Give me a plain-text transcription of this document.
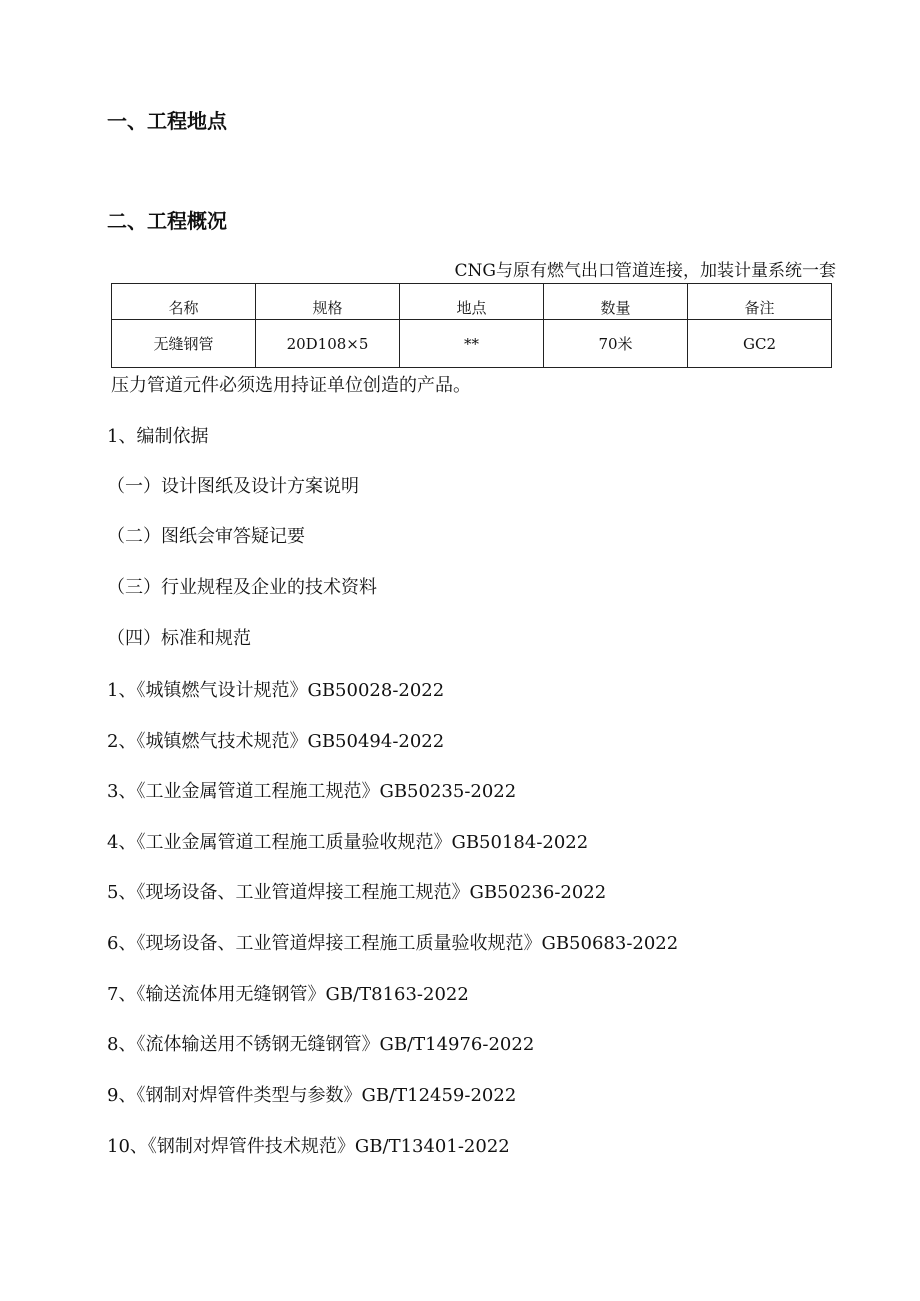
一、工程地点
二、工程概况
CNG与原有燃气出口管道连接，加装计量系统一套
名称	规格	地点	数量	备注
无缝钢管	20D108×5	**	70米	GC2
压力管道元件必须选用持证单位创造的产品。
1、编制依据
（一）设计图纸及设计方案说明
（二）图纸会审答疑记要
（三）行业规程及企业的技术资料
（四）标准和规范
1、《城镇燃气设计规范》GB50028-2022
2、《城镇燃气技术规范》GB50494-2022
3、《工业金属管道工程施工规范》GB50235-2022
4、《工业金属管道工程施工质量验收规范》GB50184-2022
5、《现场设备、工业管道焊接工程施工规范》GB50236-2022
6、《现场设备、工业管道焊接工程施工质量验收规范》GB50683-2022
7、《输送流体用无缝钢管》GB/T8163-2022
8、《流体输送用不锈钢无缝钢管》GB/T14976-2022
9、《钢制对焊管件类型与参数》GB/T12459-2022
10、《钢制对焊管件技术规范》GB/T13401-2022
